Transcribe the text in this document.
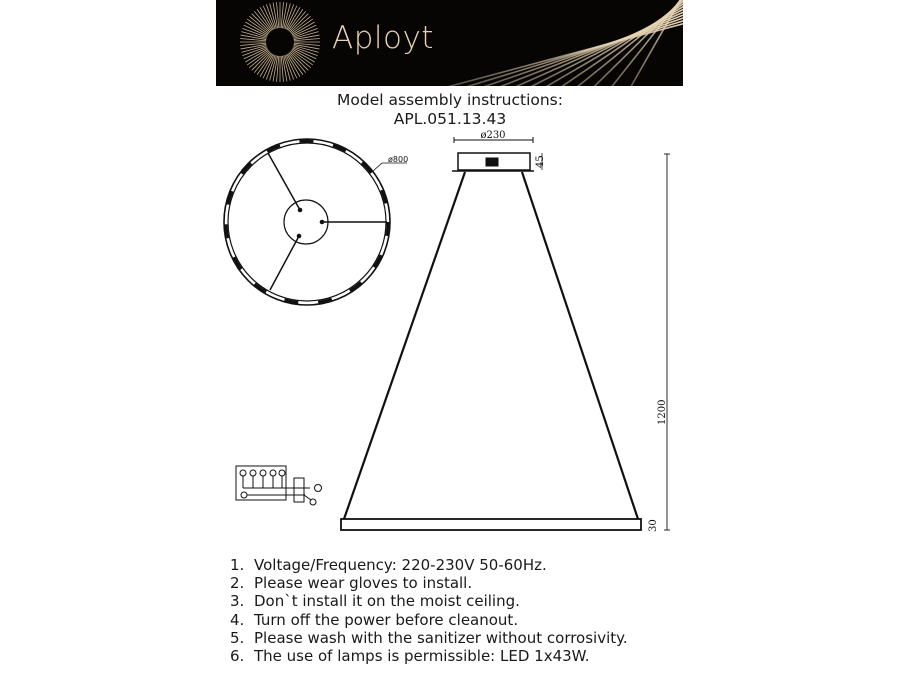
Aployt
Model assembly instructions:
APL.051.13.43
ø800
ø230
45
1200
30
1. Voltage/Frequency: 220-230V 50-60Hz.
2. Please wear gloves to install.
3. Don`t install it on the moist ceiling.
4. Turn off the power before cleanout.
5. Please wash with the sanitizer without corrosivity.
6. The use of lamps is permissible: LED 1x43W.
